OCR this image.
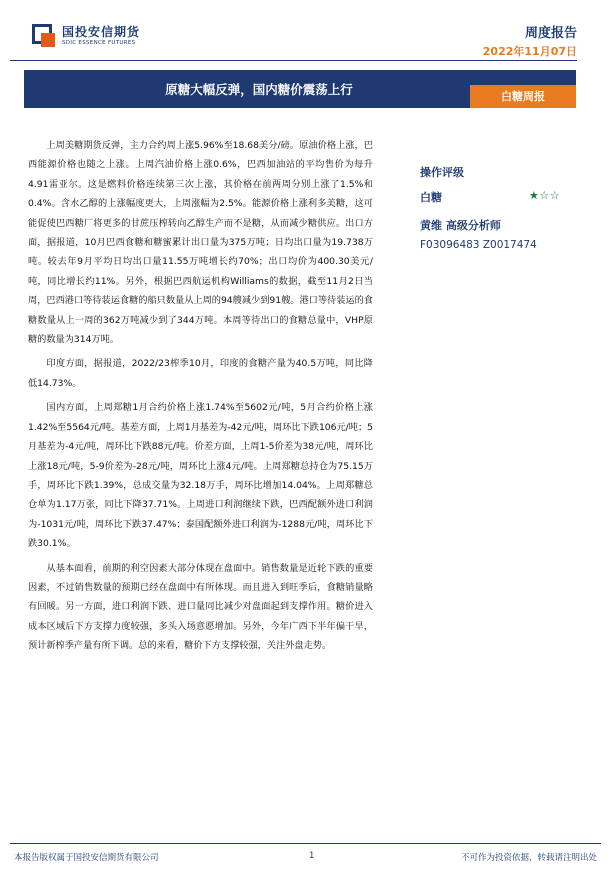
国投安信期货
SDIC ESSENCE FUTURES
周度报告
2022年11月07日
原糖大幅反弹，国内糖价震荡上行	白糖周报

上周美糖期货反弹，主力合约周上涨5.96%至18.68美分/磅。原油价格上涨，巴西能源价格也随之上涨。上周汽油价格上涨0.6%，巴西加油站的平均售价为每升4.91雷亚尔。这是燃料价格连续第三次上涨，其价格在前两周分别上涨了1.5%和0.4%。含水乙醇的上涨幅度更大，上周涨幅为2.5%。能源价格上涨利多美糖，这可能促使巴西糖厂将更多的甘蔗压榨转向乙醇生产而不是糖，从而减少糖供应。出口方面，据报道，10月巴西食糖和糖蜜累计出口量为375万吨；日均出口量为19.738万吨。较去年9月平均日均出口量11.55万吨增长约70%；出口均价为400.30美元/吨，同比增长约11%。另外，根据巴西航运机构Williams的数据，截至11月2日当周，巴西港口等待装运食糖的船只数量从上周的94艘减少到91艘。港口等待装运的食糖数量从上一周的362万吨减少到了344万吨。本周等待出口的食糖总量中，VHP原糖的数量为314万吨。

印度方面，据报道，2022/23榨季10月，印度的食糖产量为40.5万吨，同比降低14.73%。

国内方面，上周郑糖1月合约价格上涨1.74%至5602元/吨，5月合约价格上涨1.42%至5564元/吨。基差方面，上周1月基差为-42元/吨，周环比下跌106元/吨；5月基差为-4元/吨，周环比下跌88元/吨。价差方面，上周1-5价差为38元/吨，周环比上涨18元/吨，5-9价差为-28元/吨，周环比上涨4元/吨。上周郑糖总持仓为75.15万手，周环比下跌1.39%，总成交量为32.18万手，周环比增加14.04%。上周郑糖总仓单为1.17万张，同比下降37.71%。上周进口利润继续下跌，巴西配额外进口利润为-1031元/吨，周环比下跌37.47%；泰国配额外进口利润为-1288元/吨，周环比下跌30.1%。

从基本面看，前期的利空因素大部分体现在盘面中。销售数量是近轮下跌的重要因素，不过销售数量的预期已经在盘面中有所体现。而且进入到旺季后，食糖销量略有回暖。另一方面，进口利润下跌、进口量同比减少对盘面起到支撑作用。糖价进入成本区域后下方支撑力度较强，多头入场意愿增加。另外，今年广西下半年偏干旱，预计新榨季产量有所下调。总的来看，糖价下方支撑较强，关注外盘走势。

操作评级
白糖	★☆☆
黄维 高级分析师
F03096483 Z0017474
本报告版权属于国投安信期货有限公司	1	不可作为投资依据，转载请注明出处
